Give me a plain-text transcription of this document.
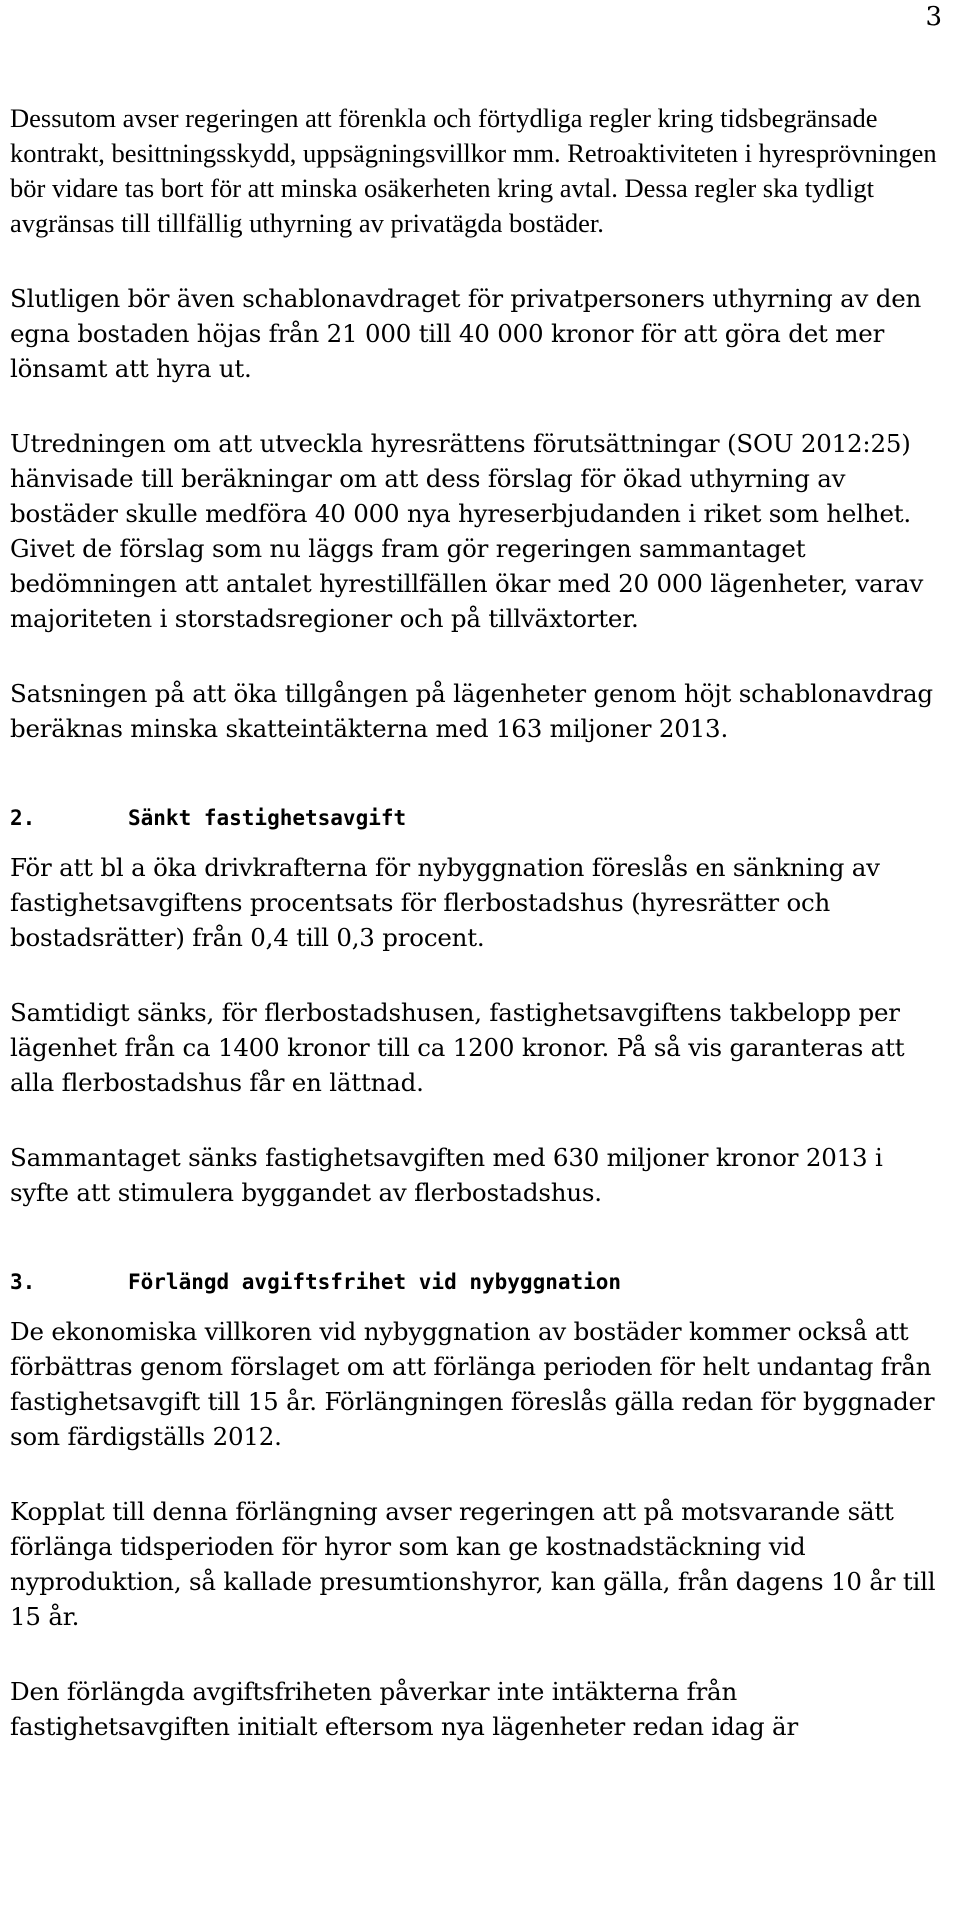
3

Dessutom avser regeringen att förenkla och förtydliga regler kring tidsbegränsade kontrakt, besittningsskydd, uppsägningsvillkor mm. Retroaktiviteten i hyresprövningen bör vidare tas bort för att minska osäkerheten kring avtal. Dessa regler ska tydligt avgränsas till tillfällig uthyrning av privatägda bostäder.

Slutligen bör även schablonavdraget för privatpersoners uthyrning av den egna bostaden höjas från 21 000 till 40 000 kronor för att göra det mer lönsamt att hyra ut.

Utredningen om att utveckla hyresrättens förutsättningar (SOU 2012:25) hänvisade till beräkningar om att dess förslag för ökad uthyrning av bostäder skulle medföra 40 000 nya hyreserbjudanden i riket som helhet. Givet de förslag som nu läggs fram gör regeringen sammantaget bedömningen att antalet hyrestillfällen ökar med 20 000 lägenheter, varav majoriteten i storstadsregioner och på tillväxtorter.

Satsningen på att öka tillgången på lägenheter genom höjt schablonavdrag beräknas minska skatteintäkterna med 163 miljoner 2013.

2.	Sänkt fastighetsavgift

För att bl a öka drivkrafterna för nybyggnation föreslås en sänkning av fastighetsavgiftens procentsats för flerbostadshus (hyresrätter och bostadsrätter) från 0,4 till 0,3 procent.

Samtidigt sänks, för flerbostadshusen, fastighetsavgiftens takbelopp per lägenhet från ca 1400 kronor till ca 1200 kronor. På så vis garanteras att alla flerbostadshus får en lättnad.

Sammantaget sänks fastighetsavgiften med 630 miljoner kronor 2013 i syfte att stimulera byggandet av flerbostadshus.

3.	Förlängd avgiftsfrihet vid nybyggnation

De ekonomiska villkoren vid nybyggnation av bostäder kommer också att förbättras genom förslaget om att förlänga perioden för helt undantag från fastighetsavgift till 15 år. Förlängningen föreslås gälla redan för byggnader som färdigställs 2012.

Kopplat till denna förlängning avser regeringen att på motsvarande sätt förlänga tidsperioden för hyror som kan ge kostnadstäckning vid nyproduktion, så kallade presumtionshyror, kan gälla, från dagens 10 år till 15 år.

Den förlängda avgiftsfriheten påverkar inte intäkterna från fastighetsavgiften initialt eftersom nya lägenheter redan idag är
